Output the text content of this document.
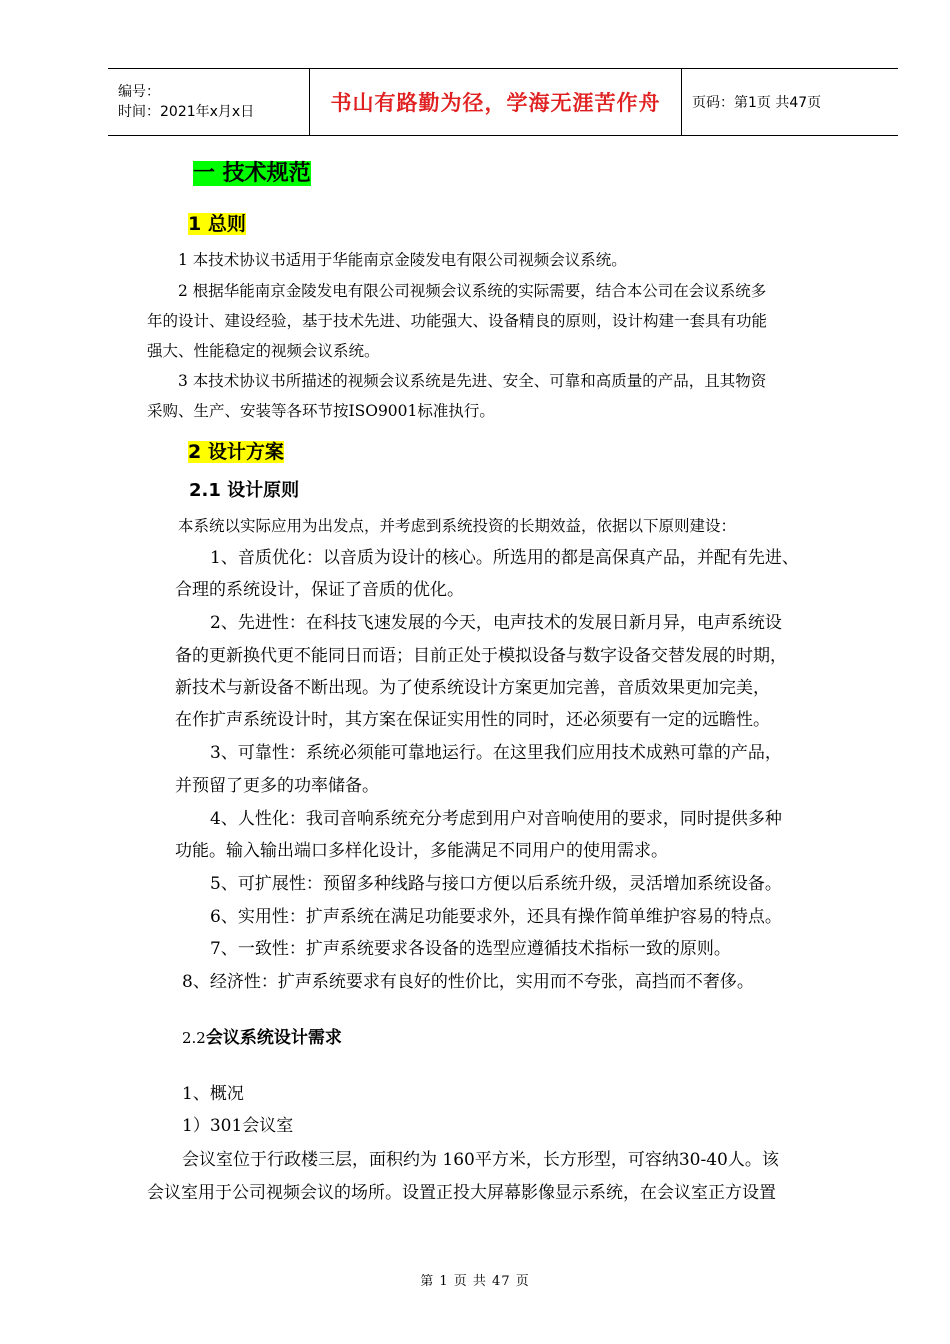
编号：
时间：2021年x月x日	书山有路勤为径，学海无涯苦作舟 页码：第1页 共47页
一 技术规范
1 总则
1 本技术协议书适用于华能南京金陵发电有限公司视频会议系统。
2 根据华能南京金陵发电有限公司视频会议系统的实际需要，结合本公司在会议系统多
年的设计、建设经验，基于技术先进、功能强大、设备精良的原则，设计构建一套具有功能
强大、性能稳定的视频会议系统。
3 本技术协议书所描述的视频会议系统是先进、安全、可靠和高质量的产品，且其物资
采购、生产、安装等各环节按ISO9001标准执行。
2 设计方案
2.1 设计原则
本系统以实际应用为出发点，并考虑到系统投资的长期效益，依据以下原则建设：
1、音质优化：以音质为设计的核心。所选用的都是高保真产品，并配有先进、
合理的系统设计，保证了音质的优化。
2、先进性：在科技飞速发展的今天，电声技术的发展日新月异，电声系统设
备的更新换代更不能同日而语；目前正处于模拟设备与数字设备交替发展的时期，
新技术与新设备不断出现。为了使系统设计方案更加完善，音质效果更加完美，
在作扩声系统设计时，其方案在保证实用性的同时，还必须要有一定的远瞻性。
3、可靠性：系统必须能可靠地运行。在这里我们应用技术成熟可靠的产品，
并预留了更多的功率储备。
4、人性化：我司音响系统充分考虑到用户对音响使用的要求，同时提供多种
功能。输入输出端口多样化设计，多能满足不同用户的使用需求。
5、可扩展性：预留多种线路与接口方便以后系统升级，灵活增加系统设备。
6、实用性：扩声系统在满足功能要求外，还具有操作简单维护容易的特点。
7、一致性：扩声系统要求各设备的选型应遵循技术指标一致的原则。
8、经济性：扩声系统要求有良好的性价比，实用而不夸张，高挡而不奢侈。
2.2会议系统设计需求
1、概况
1）301会议室
会议室位于行政楼三层，面积约为 160平方米，长方形型，可容纳30-40人。该
会议室用于公司视频会议的场所。设置正投大屏幕影像显示系统，在会议室正方设置
第 1 页 共 47 页
